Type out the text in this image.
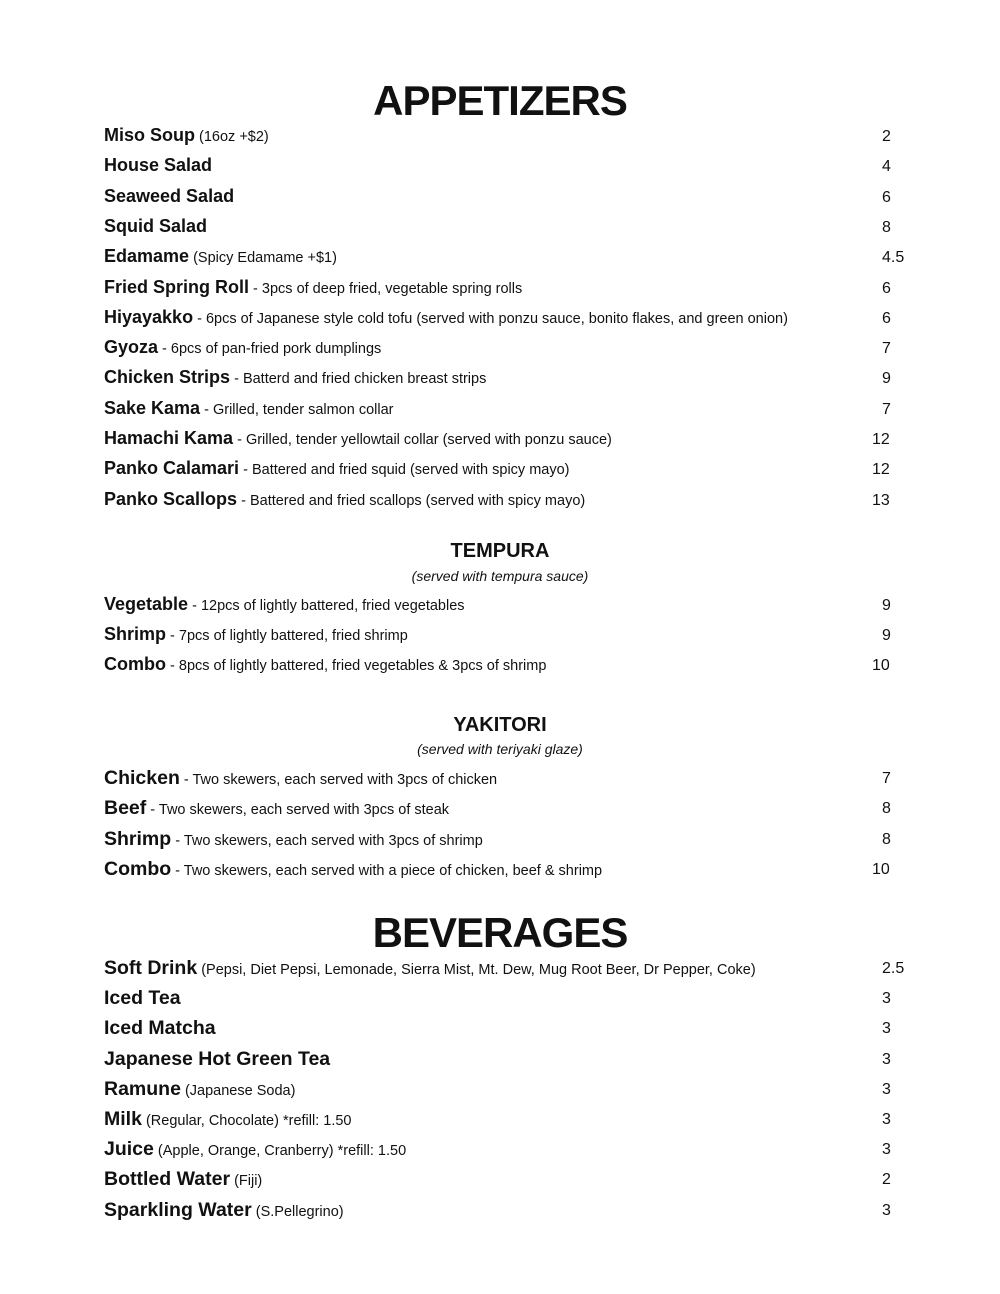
APPETIZERS
Miso Soup (16oz +$2)	2
House Salad	4
Seaweed Salad	6
Squid Salad	8
Edamame (Spicy Edamame +$1)	4.5
Fried Spring Roll - 3pcs of deep fried, vegetable spring rolls	6
Hiyayakko - 6pcs of Japanese style cold tofu (served with ponzu sauce, bonito flakes, and green onion)	6
Gyoza - 6pcs of pan-fried pork dumplings	7
Chicken Strips - Batterd and fried chicken breast strips	9
Sake Kama - Grilled, tender salmon collar	7
Hamachi Kama - Grilled, tender yellowtail collar (served with ponzu sauce)	12
Panko Calamari - Battered and fried squid (served with spicy mayo)	12
Panko Scallops - Battered and fried scallops (served with spicy mayo)	13
TEMPURA
(served with tempura sauce)
Vegetable - 12pcs of lightly battered, fried vegetables	9
Shrimp - 7pcs of lightly battered, fried shrimp	9
Combo - 8pcs of lightly battered, fried vegetables & 3pcs of shrimp	10
YAKITORI
(served with teriyaki glaze)
Chicken - Two skewers, each served with 3pcs of chicken	7
Beef - Two skewers, each served with 3pcs of steak	8
Shrimp - Two skewers, each served with 3pcs of shrimp	8
Combo - Two skewers, each served with a piece of chicken, beef & shrimp	10
BEVERAGES
Soft Drink (Pepsi, Diet Pepsi, Lemonade, Sierra Mist, Mt. Dew, Mug Root Beer, Dr Pepper, Coke)	2.5
Iced Tea	3
Iced Matcha	3
Japanese Hot Green Tea	3
Ramune (Japanese Soda)	3
Milk (Regular, Chocolate) *refill: 1.50	3
Juice (Apple, Orange, Cranberry) *refill: 1.50	3
Bottled Water (Fiji)	2
Sparkling Water (S.Pellegrino)	3
